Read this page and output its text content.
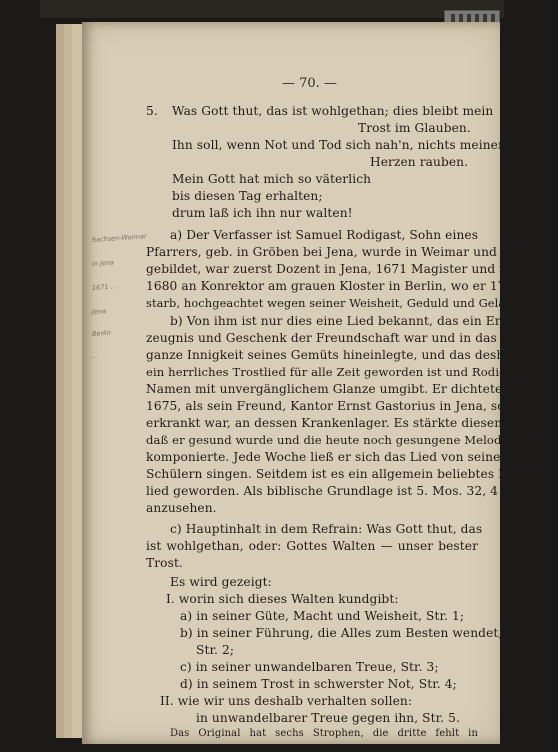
— 70. —
5. Was Gott thut, das ist wohlgethan; dies bleibt mein
Trost im Glauben.
Ihn soll, wenn Not und Tod sich nah'n, nichts meinem
Herzen rauben.
Mein Gott hat mich so väterlich
bis diesen Tag erhalten;
drum laß ich ihn nur walten!
a) Der Verfasser ist Samuel Rodigast, Sohn eines
Pfarrers, geb. in Gröben bei Jena, wurde in Weimar und Jena
gebildet, war zuerst Dozent in Jena, 1671 Magister und von
1680 an Konrektor am grauen Kloster in Berlin, wo er 1708
starb, hochgeachtet wegen seiner Weisheit, Geduld und Gelassenheit.
b) Von ihm ist nur dies eine Lied bekannt, das ein Er-
zeugnis und Geschenk der Freundschaft war und in das er die
ganze Innigkeit seines Gemüts hineinlegte, und das deshalb
ein herrliches Trostlied für alle Zeit geworden ist und Rodigast's
Namen mit unvergänglichem Glanze umgibt. Er dichtete es
1675, als sein Freund, Kantor Ernst Gastorius in Jena, schwer
erkrankt war, an dessen Krankenlager. Es stärkte diesen so,
daß er gesund wurde und die heute noch gesungene Melodie dazu
komponierte. Jede Woche ließ er sich das Lied von seinen
Schülern singen. Seitdem ist es ein allgemein beliebtes Kirchen-
lied geworden. Als biblische Grundlage ist 5. Mos. 32, 4
anzusehen.
c) Hauptinhalt in dem Refrain: Was Gott thut, das
ist wohlgethan, oder: Gottes Walten — unser bester
Trost.
Es wird gezeigt:
I. worin sich dieses Walten kundgibt:
a) in seiner Güte, Macht und Weisheit, Str. 1;
b) in seiner Führung, die Alles zum Besten wendet,
Str. 2;
c) in seiner unwandelbaren Treue, Str. 3;
d) in seinem Trost in schwerster Not, Str. 4;
II. wie wir uns deshalb verhalten sollen:
in unwandelbarer Treue gegen ihn, Str. 5.
Das Original hat sechs Strophen, die dritte fehlt in
Sachsen-Weimar
in Jena
1671 ...
Jena
Berlin
...
